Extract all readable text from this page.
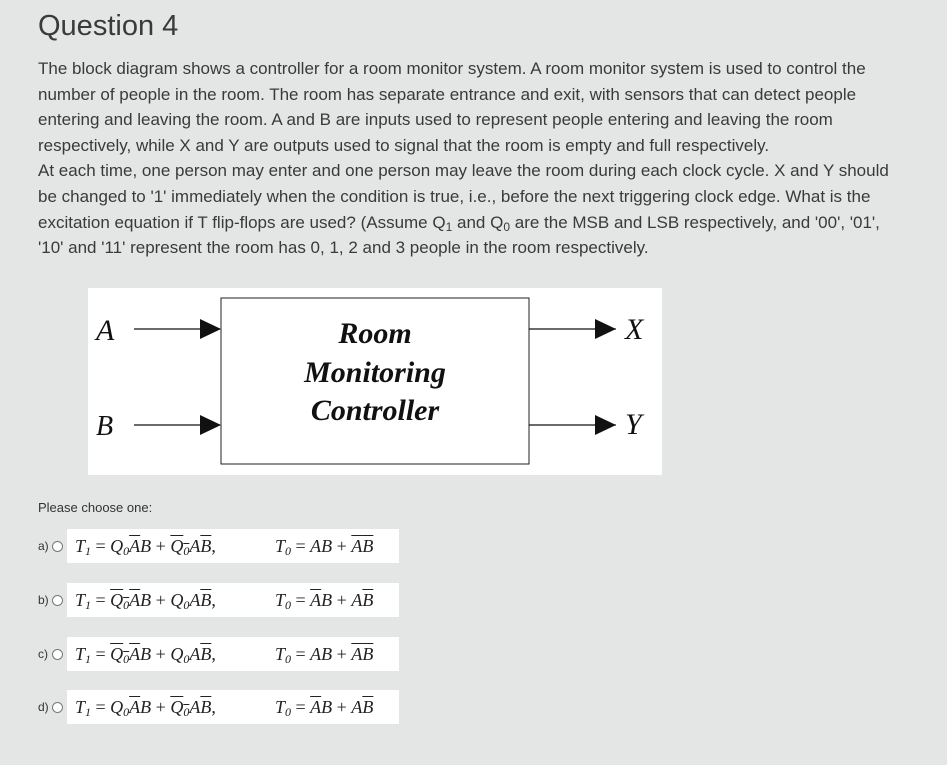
Question 4

The block diagram shows a controller for a room monitor system. A room monitor system is used to control the number of people in the room. The room has separate entrance and exit, with sensors that can detect people entering and leaving the room. A and B are inputs used to represent people entering and leaving the room respectively, while X and Y are outputs used to signal that the room is empty and full respectively.

At each time, one person may enter and one person may leave the room during each clock cycle. X and Y should be changed to '1' immediately when the condition is true, i.e., before the next triggering clock edge. What is the excitation equation if T flip-flops are used? (Assume $Q_1$ and $Q_0$ are the MSB and LSB respectively, and '00', '01', '10' and '11' represent the room has 0, 1, 2 and 3 people in the room respectively.

A
B
Room
Monitoring
Controller
X
Y
Please choose one:
a) $T_1 = Q_0\overline{A}B + Q_0A\overline{B}$,	$T_0$ = AB + $\overline{A}\overline{B}$
b) $T_1 = Q_0\overline{A}B + Q_0A\overline{B}$,	$T_0 = \overline{A}B + A\overline{B}$
c) $T_1 = Q_0\overline{A}B + Q_0A\overline{B}$,	$T_0$ = AB + $\overline{A}\overline{B}$
d) $T_1 = Q_0\overline{A}B + Q_0A\overline{B}$,	$T_0 = \overline{A}B + A\overline{B}$
